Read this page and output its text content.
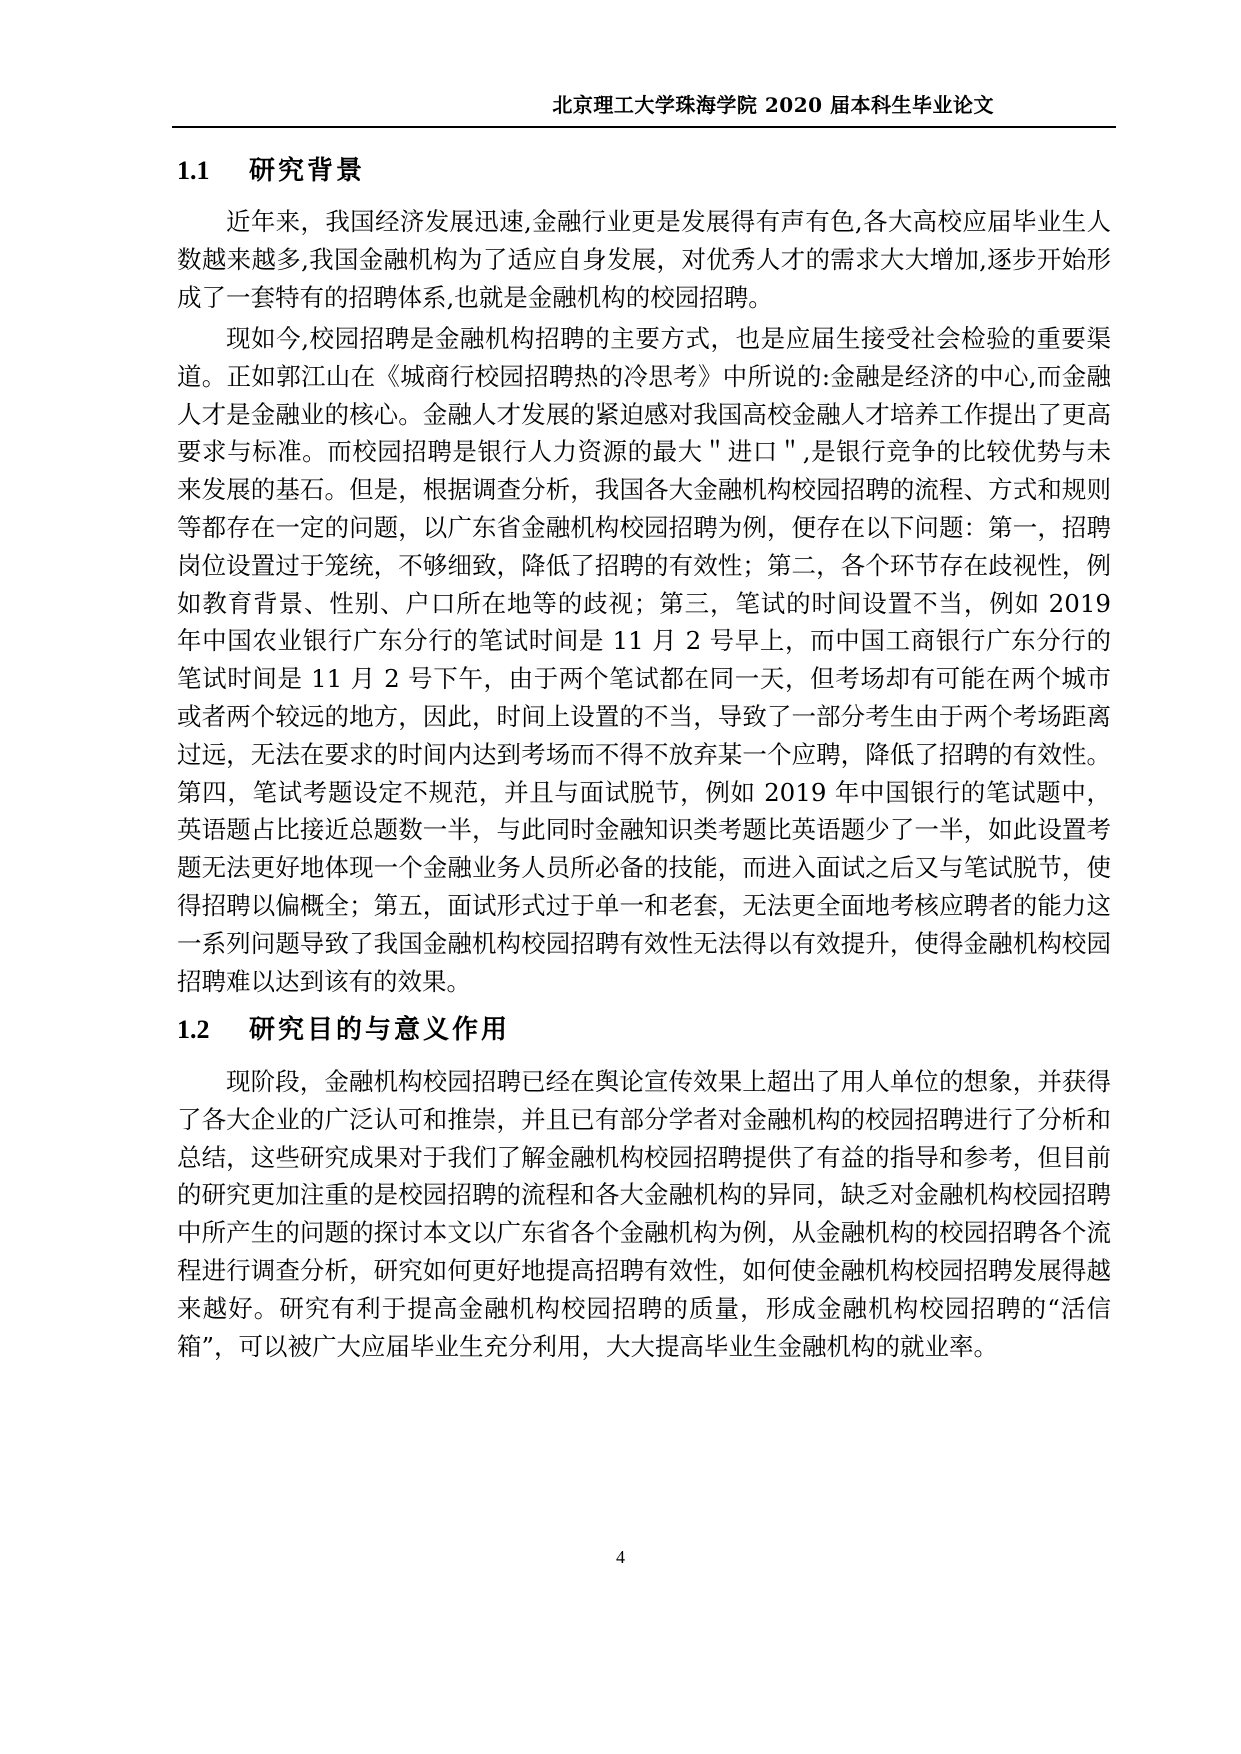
北京理工大学珠海学院 2020 届本科生毕业论文
1.1 研究背景

近年来，我国经济发展迅速,金融行业更是发展得有声有色,各大高校应届毕业生人数越来越多,我国金融机构为了适应自身发展，对优秀人才的需求大大增加,逐步开始形成了一套特有的招聘体系,也就是金融机构的校园招聘。

现如今,校园招聘是金融机构招聘的主要方式，也是应届生接受社会检验的重要渠道。正如郭江山在《城商行校园招聘热的冷思考》中所说的:金融是经济的中心,而金融人才是金融业的核心。金融人才发展的紧迫感对我国高校金融人才培养工作提出了更高要求与标准。而校园招聘是银行人力资源的最大＂进口＂,是银行竞争的比较优势与未来发展的基石。但是，根据调查分析，我国各大金融机构校园招聘的流程、方式和规则等都存在一定的问题，以广东省金融机构校园招聘为例，便存在以下问题：第一，招聘岗位设置过于笼统，不够细致，降低了招聘的有效性；第二，各个环节存在歧视性，例如教育背景、性别、户口所在地等的歧视；第三，笔试的时间设置不当，例如 2019 年中国农业银行广东分行的笔试时间是 11 月 2 号早上，而中国工商银行广东分行的笔试时间是 11 月 2 号下午，由于两个笔试都在同一天，但考场却有可能在两个城市或者两个较远的地方，因此，时间上设置的不当，导致了一部分考生由于两个考场距离过远，无法在要求的时间内达到考场而不得不放弃某一个应聘，降低了招聘的有效性。第四，笔试考题设定不规范，并且与面试脱节，例如 2019 年中国银行的笔试题中，英语题占比接近总题数一半，与此同时金融知识类考题比英语题少了一半，如此设置考题无法更好地体现一个金融业务人员所必备的技能，而进入面试之后又与笔试脱节，使得招聘以偏概全；第五，面试形式过于单一和老套，无法更全面地考核应聘者的能力这一系列问题导致了我国金融机构校园招聘有效性无法得以有效提升，使得金融机构校园招聘难以达到该有的效果。

1.2 研究目的与意义作用

现阶段，金融机构校园招聘已经在舆论宣传效果上超出了用人单位的想象，并获得了各大企业的广泛认可和推崇，并且已有部分学者对金融机构的校园招聘进行了分析和总结，这些研究成果对于我们了解金融机构校园招聘提供了有益的指导和参考，但目前的研究更加注重的是校园招聘的流程和各大金融机构的异同，缺乏对金融机构校园招聘中所产生的问题的探讨本文以广东省各个金融机构为例，从金融机构的校园招聘各个流程进行调查分析，研究如何更好地提高招聘有效性，如何使金融机构校园招聘发展得越来越好。研究有利于提高金融机构校园招聘的质量，形成金融机构校园招聘的“活信箱”，可以被广大应届毕业生充分利用，大大提高毕业生金融机构的就业率。

4
